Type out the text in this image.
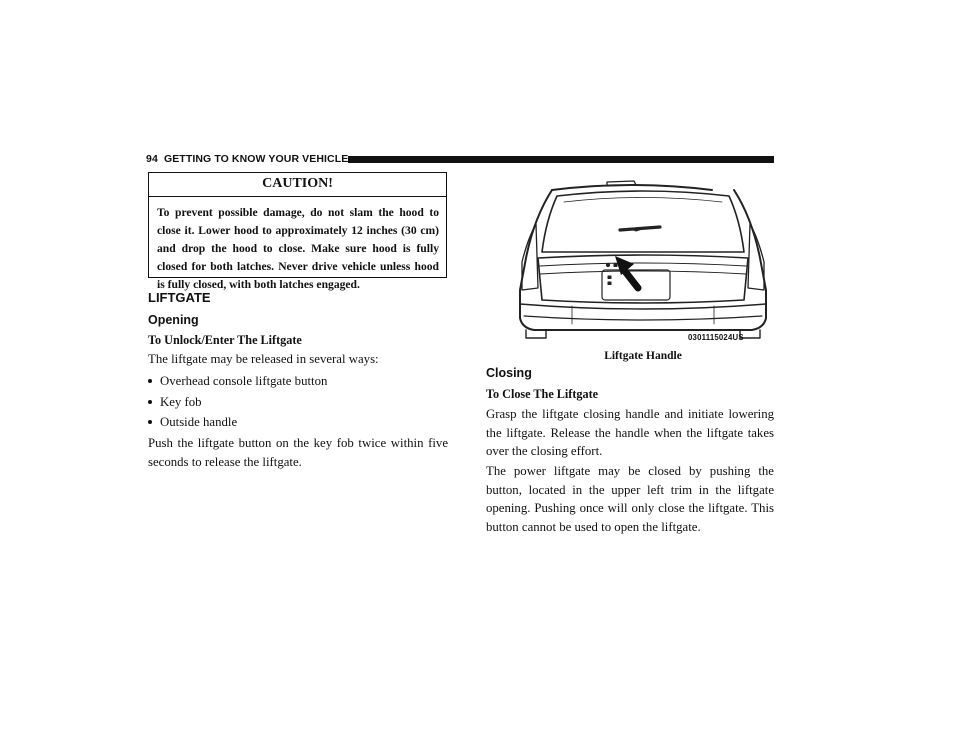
94 GETTING TO KNOW YOUR VEHICLE
CAUTION!
To prevent possible damage, do not slam the hood to close it. Lower hood to approximately 12 inches (30 cm) and drop the hood to close. Make sure hood is fully closed for both latches. Never drive vehicle unless hood is fully closed, with both latches engaged.
LIFTGATE
Opening
To Unlock/Enter The Liftgate
The liftgate may be released in several ways:
Overhead console liftgate button
Key fob
Outside handle
Push the liftgate button on the key fob twice within five seconds to release the liftgate.
0301115024US
Liftgate Handle
Closing
To Close The Liftgate
Grasp the liftgate closing handle and initiate lowering the liftgate. Release the handle when the liftgate takes over the closing effort.
The power liftgate may be closed by pushing the button, located in the upper left trim in the liftgate opening. Pushing once will only close the liftgate. This button cannot be used to open the liftgate.
